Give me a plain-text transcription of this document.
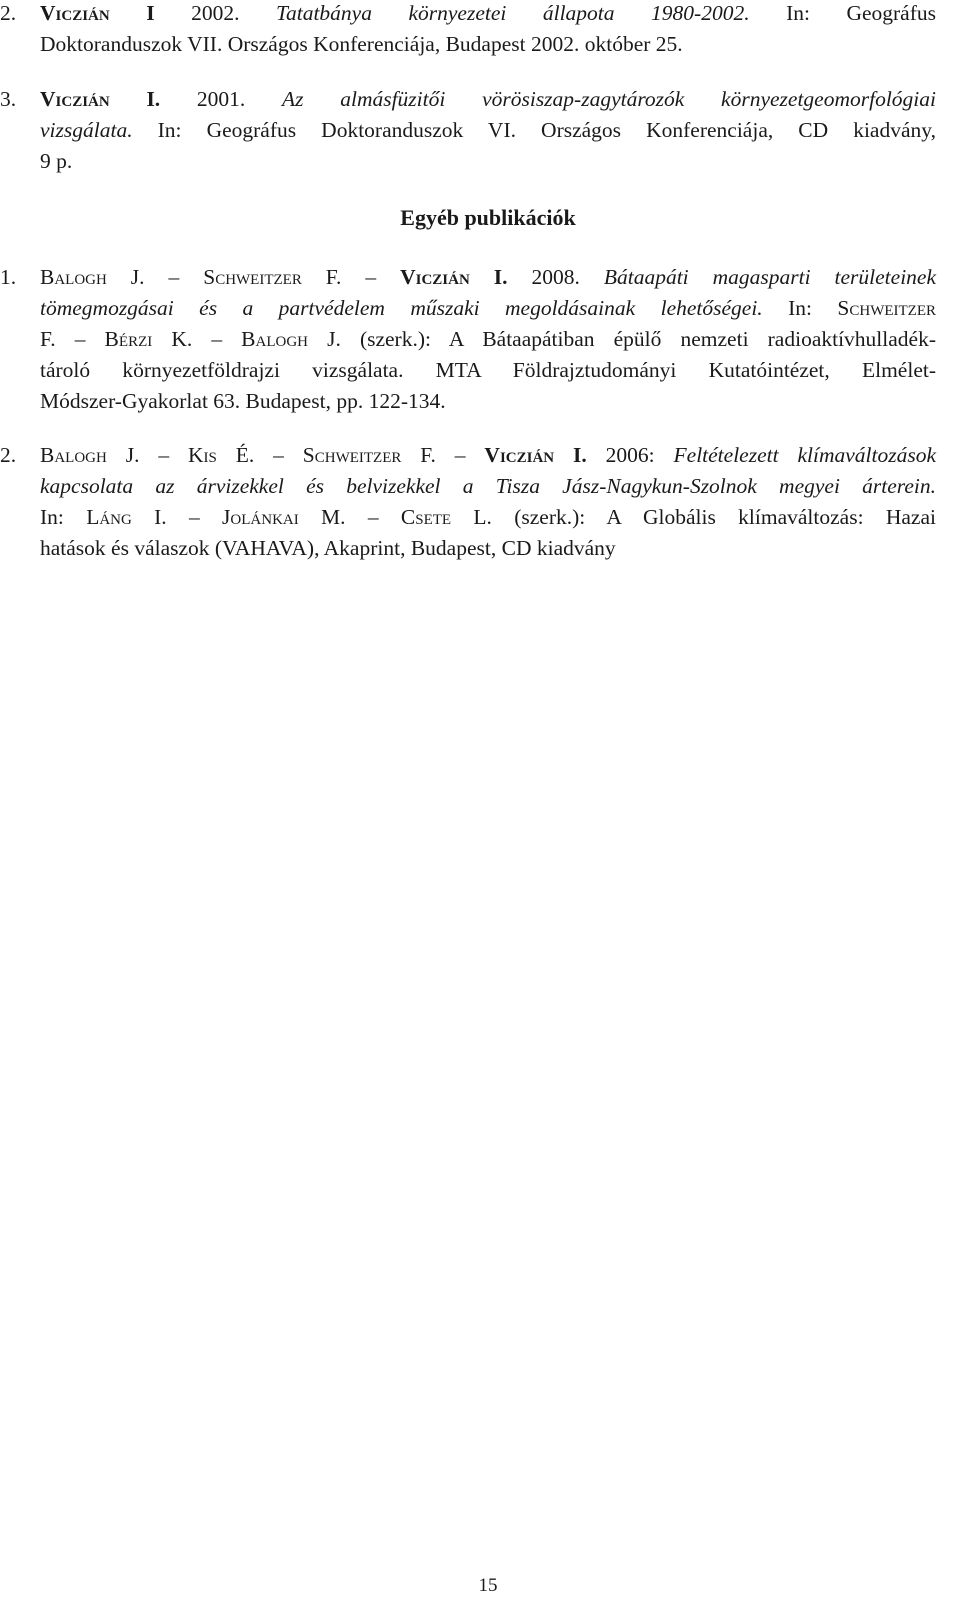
2. Viczián I 2002. Tatatbánya környezetei állapota 1980-2002. In: Geográfus
Doktoranduszok VII. Országos Konferenciája, Budapest 2002. október 25.
3. Viczián I. 2001. Az almásfüzitői vörösiszap-zagytározók környezetgeomorfológiai
vizsgálata. In: Geográfus Doktoranduszok VI. Országos Konferenciája, CD kiadvány,
9 p.
Egyéb publikációk
1. Balogh J. – Schweitzer F. – Viczián I. 2008. Bátaapáti magasparti területeinek
tömegmozgásai és a partvédelem műszaki megoldásainak lehetőségei. In: Schweitzer
F. – Bérzi K. – Balogh J. (szerk.): A Bátaapátiban épülő nemzeti radioaktívhulladék-
tároló környezetföldrajzi vizsgálata. MTA Földrajztudományi Kutatóintézet, Elmélet-
Módszer-Gyakorlat 63. Budapest, pp. 122-134.
2. Balogh J. – Kis É. – Schweitzer F. – Viczián I. 2006: Feltételezett klímaváltozások
kapcsolata az árvizekkel és belvizekkel a Tisza Jász-Nagykun-Szolnok megyei árterein.
In: Láng I. – Jolánkai M. – Csete L. (szerk.): A Globális klímaváltozás: Hazai
hatások és válaszok (VAHAVA), Akaprint, Budapest, CD kiadvány
15
